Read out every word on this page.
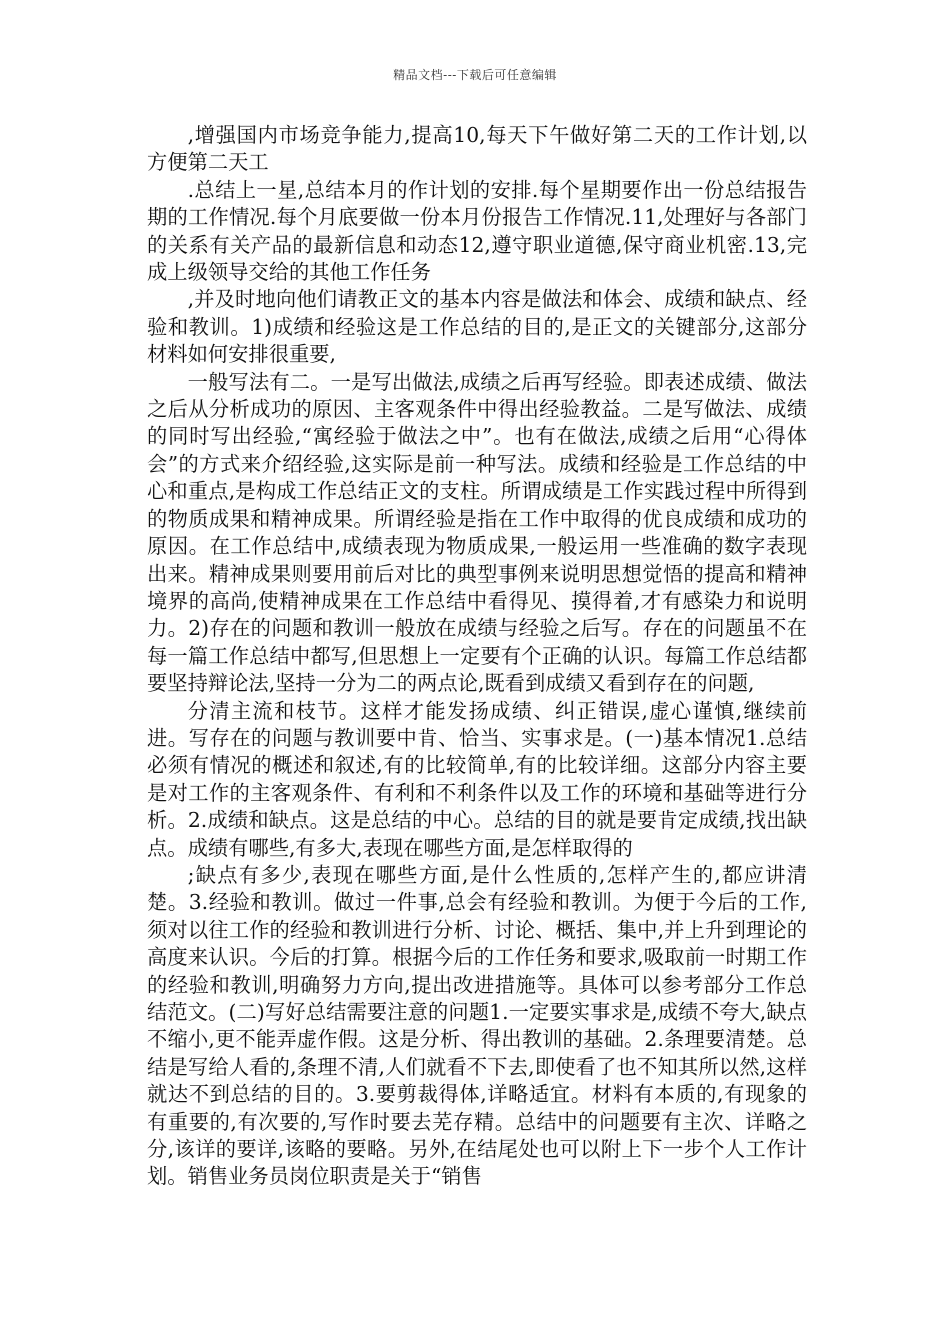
精品文档---下载后可任意编辑

,增强国内市场竞争能力,提高10,每天下午做好第二天的工作计划,以方便第二天工

.总结上一星,总结本月的作计划的安排.每个星期要作出一份总结报告期的工作情况.每个月底要做一份本月份报告工作情况.11,处理好与各部门的关系有关产品的最新信息和动态12,遵守职业道德,保守商业机密.13,完成上级领导交给的其他工作任务

,并及时地向他们请教正文的基本内容是做法和体会、成绩和缺点、经验和教训。1)成绩和经验这是工作总结的目的,是正文的关键部分,这部分材料如何安排很重要,

一般写法有二。一是写出做法,成绩之后再写经验。即表述成绩、做法之后从分析成功的原因、主客观条件中得出经验教益。二是写做法、成绩的同时写出经验,“寓经验于做法之中”。也有在做法,成绩之后用“心得体会”的方式来介绍经验,这实际是前一种写法。成绩和经验是工作总结的中心和重点,是构成工作总结正文的支柱。所谓成绩是工作实践过程中所得到的物质成果和精神成果。所谓经验是指在工作中取得的优良成绩和成功的原因。在工作总结中,成绩表现为物质成果,一般运用一些准确的数字表现出来。精神成果则要用前后对比的典型事例来说明思想觉悟的提高和精神境界的高尚,使精神成果在工作总结中看得见、摸得着,才有感染力和说明力。2)存在的问题和教训一般放在成绩与经验之后写。存在的问题虽不在每一篇工作总结中都写,但思想上一定要有个正确的认识。每篇工作总结都要坚持辩论法,坚持一分为二的两点论,既看到成绩又看到存在的问题,

分清主流和枝节。这样才能发扬成绩、纠正错误,虚心谨慎,继续前进。写存在的问题与教训要中肯、恰当、实事求是。(一)基本情况1.总结必须有情况的概述和叙述,有的比较简单,有的比较详细。这部分内容主要是对工作的主客观条件、有利和不利条件以及工作的环境和基础等进行分析。2.成绩和缺点。这是总结的中心。总结的目的就是要肯定成绩,找出缺点。成绩有哪些,有多大,表现在哪些方面,是怎样取得的

;缺点有多少,表现在哪些方面,是什么性质的,怎样产生的,都应讲清楚。3.经验和教训。做过一件事,总会有经验和教训。为便于今后的工作,须对以往工作的经验和教训进行分析、讨论、概括、集中,并上升到理论的高度来认识。今后的打算。根据今后的工作任务和要求,吸取前一时期工作的经验和教训,明确努力方向,提出改进措施等。具体可以参考部分工作总结范文。(二)写好总结需要注意的问题1.一定要实事求是,成绩不夸大,缺点不缩小,更不能弄虚作假。这是分析、得出教训的基础。2.条理要清楚。总结是写给人看的,条理不清,人们就看不下去,即使看了也不知其所以然,这样就达不到总结的目的。3.要剪裁得体,详略适宜。材料有本质的,有现象的有重要的,有次要的,写作时要去芜存精。总结中的问题要有主次、详略之分,该详的要详,该略的要略。另外,在结尾处也可以附上下一步个人工作计划。销售业务员岗位职责是关于“销售
